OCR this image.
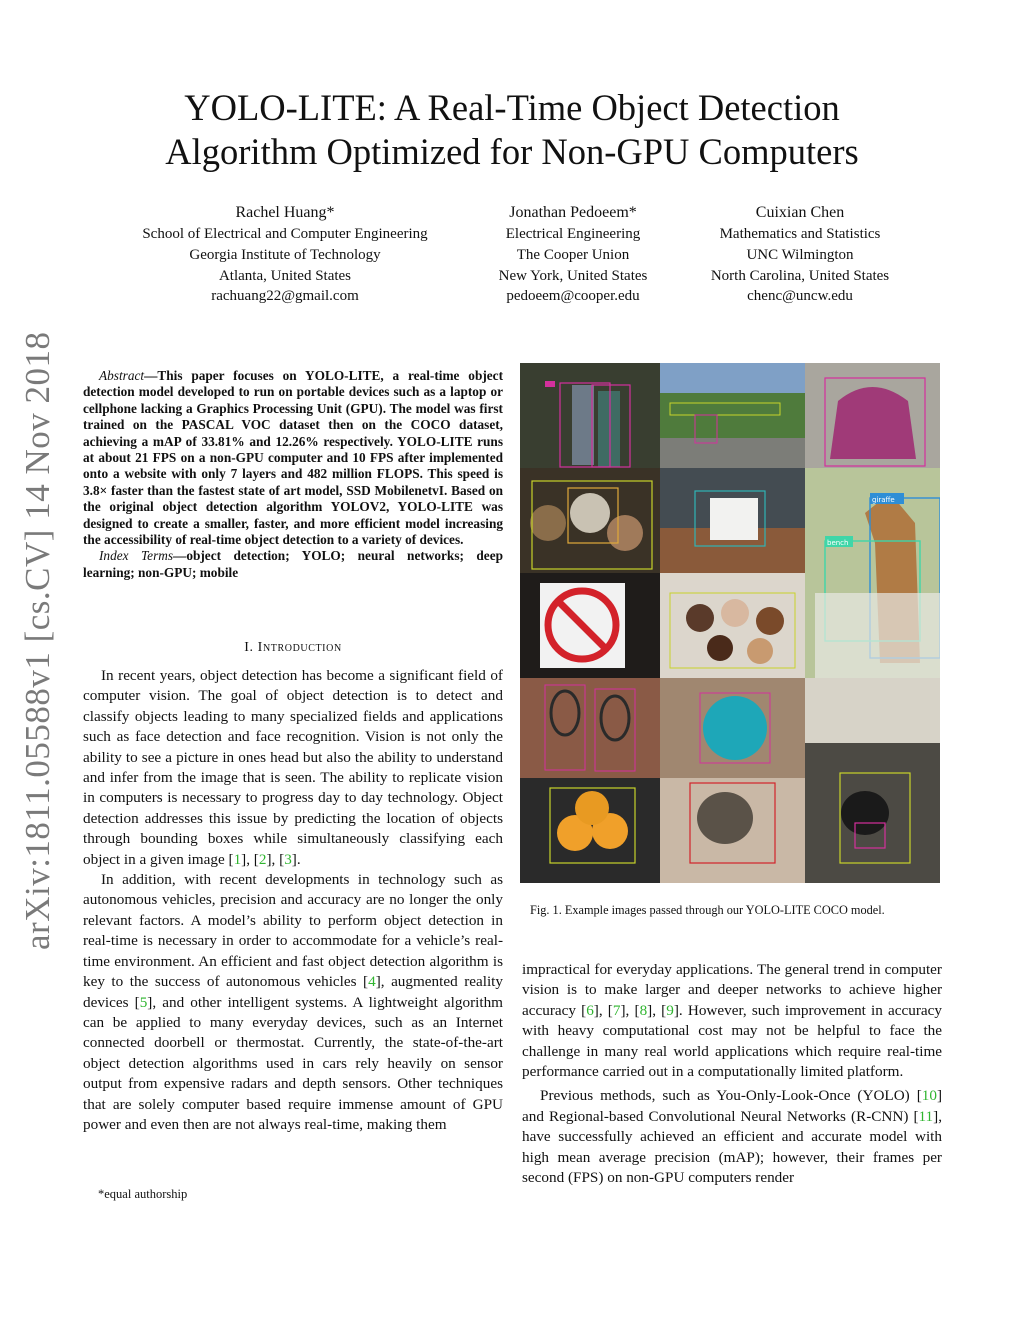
arXiv:1811.05588v1 [cs.CV] 14 Nov 2018
YOLO-LITE: A Real-Time Object Detection
Algorithm Optimized for Non-GPU Computers
Rachel Huang*
School of Electrical and Computer Engineering
Georgia Institute of Technology
Atlanta, United States
rachuang22@gmail.com
Jonathan Pedoeem*
Electrical Engineering
The Cooper Union
New York, United States
pedoeem@cooper.edu
Cuixian Chen
Mathematics and Statistics
UNC Wilmington
North Carolina, United States
chenc@uncw.edu

Abstract—This paper focuses on YOLO-LITE, a real-time object detection model developed to run on portable devices such as a laptop or cellphone lacking a Graphics Processing Unit (GPU). The model was first trained on the PASCAL VOC dataset then on the COCO dataset, achieving a mAP of 33.81% and 12.26% respectively. YOLO-LITE runs at about 21 FPS on a non-GPU computer and 10 FPS after implemented onto a website with only 7 layers and 482 million FLOPS. This speed is 3.8× faster than the fastest state of art model, SSD MobilenetvI. Based on the original object detection algorithm YOLOV2, YOLO-LITE was designed to create a smaller, faster, and more efficient model increasing the accessibility of real-time object detection to a variety of devices.

Index Terms—object detection; YOLO; neural networks; deep learning; non-GPU; mobile

I. Introduction

In recent years, object detection has become a significant field of computer vision. The goal of object detection is to detect and classify objects leading to many specialized fields and applications such as face detection and face recognition. Vision is not only the ability to see a picture in ones head but also the ability to understand and infer from the image that is seen. The ability to replicate vision in computers is necessary to progress day to day technology. Object detection addresses this issue by predicting the location of objects through bounding boxes while simultaneously classifying each object in a given image [1], [2], [3].

In addition, with recent developments in technology such as autonomous vehicles, precision and accuracy are no longer the only relevant factors. A model’s ability to perform object detection in real-time is necessary in order to accommodate for a vehicle’s real-time environment. An efficient and fast object detection algorithm is key to the success of autonomous vehicles [4], augmented reality devices [5], and other intelligent systems. A lightweight algorithm can be applied to many everyday devices, such as an Internet connected doorbell or thermostat. Currently, the state-of-the-art object detection algorithms used in cars rely heavily on sensor output from expensive radars and depth sensors. Other techniques that are solely computer based require immense amount of GPU power and even then are not always real-time, making them

*equal authorship
giraffe
bench
Fig. 1. Example images passed through our YOLO-LITE COCO model.

impractical for everyday applications. The general trend in computer vision is to make larger and deeper networks to achieve higher accuracy [6], [7], [8], [9]. However, such improvement in accuracy with heavy computational cost may not be helpful to face the challenge in many real world applications which require real-time performance carried out in a computationally limited platform.

Previous methods, such as You-Only-Look-Once (YOLO) [10] and Regional-based Convolutional Neural Networks (R-CNN) [11], have successfully achieved an efficient and accurate model with high mean average precision (mAP); however, their frames per second (FPS) on non-GPU computers render
